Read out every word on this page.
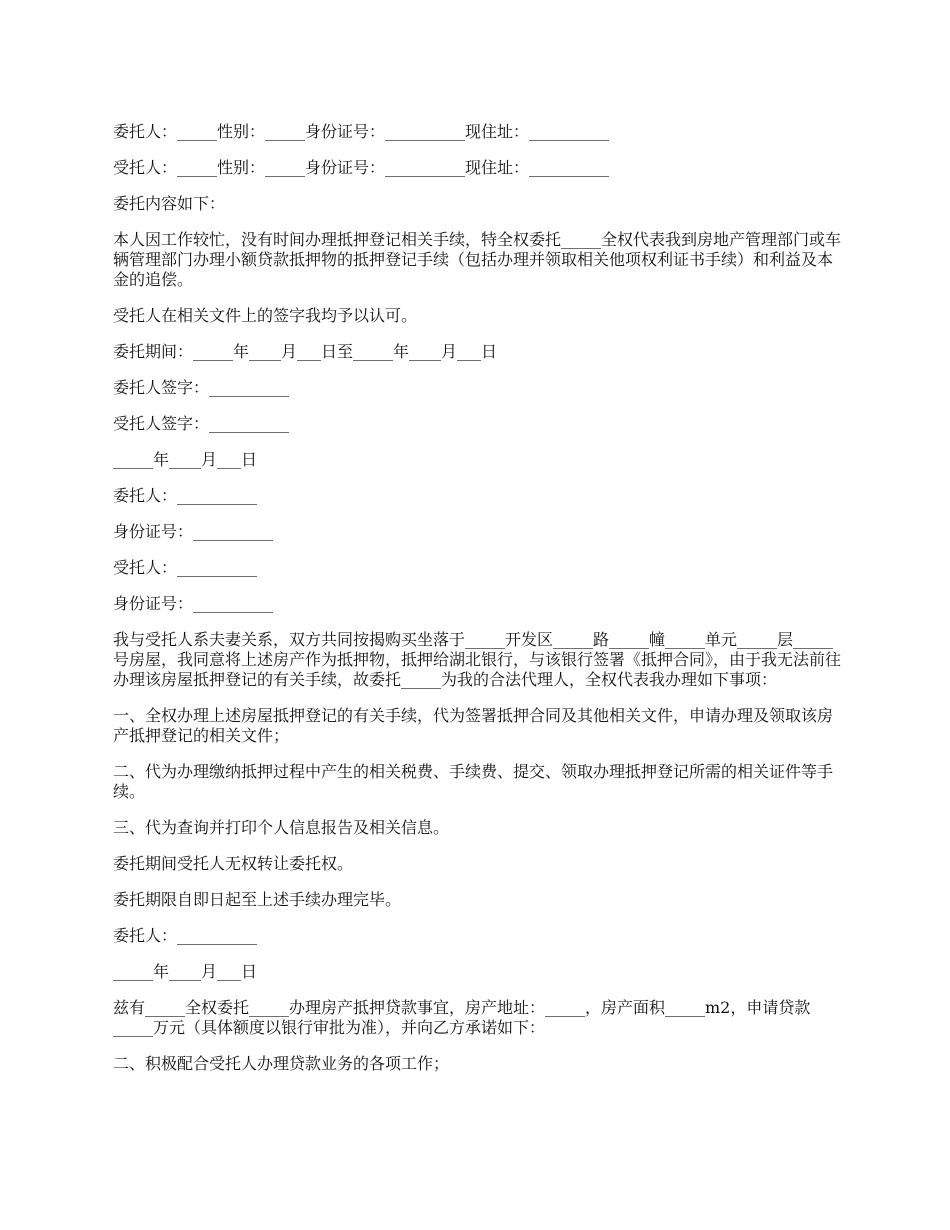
委托人：_____性别：_____身份证号：__________现住址：__________

受托人：_____性别：_____身份证号：__________现住址：__________

委托内容如下：

本人因工作较忙，没有时间办理抵押登记相关手续，特全权委托_____全权代表我到房地产管理部门或车辆管理部门办理小额贷款抵押物的抵押登记手续（包括办理并领取相关他项权利证书手续）和利益及本金的追偿。

受托人在相关文件上的签字我均予以认可。

委托期间：_____年____月___日至_____年____月___日

委托人签字：__________

受托人签字：__________

_____年____月___日

委托人：__________

身份证号：__________

受托人：__________

身份证号：__________

我与受托人系夫妻关系，双方共同按揭购买坐落于_____开发区_____路_____幢_____单元_____层_____号房屋，我同意将上述房产作为抵押物，抵押给湖北银行，与该银行签署《抵押合同》，由于我无法前往办理该房屋抵押登记的有关手续，故委托_____为我的合法代理人，全权代表我办理如下事项：

一、全权办理上述房屋抵押登记的有关手续，代为签署抵押合同及其他相关文件，申请办理及领取该房产抵押登记的相关文件；

二、代为办理缴纳抵押过程中产生的相关税费、手续费、提交、领取办理抵押登记所需的相关证件等手续。

三、代为查询并打印个人信息报告及相关信息。

委托期间受托人无权转让委托权。

委托期限自即日起至上述手续办理完毕。

委托人：__________

_____年____月___日

兹有_____全权委托_____办理房产抵押贷款事宜，房产地址：_____，房产面积_____m2，申请贷款_____万元（具体额度以银行审批为准），并向乙方承诺如下：

二、积极配合受托人办理贷款业务的各项工作；
